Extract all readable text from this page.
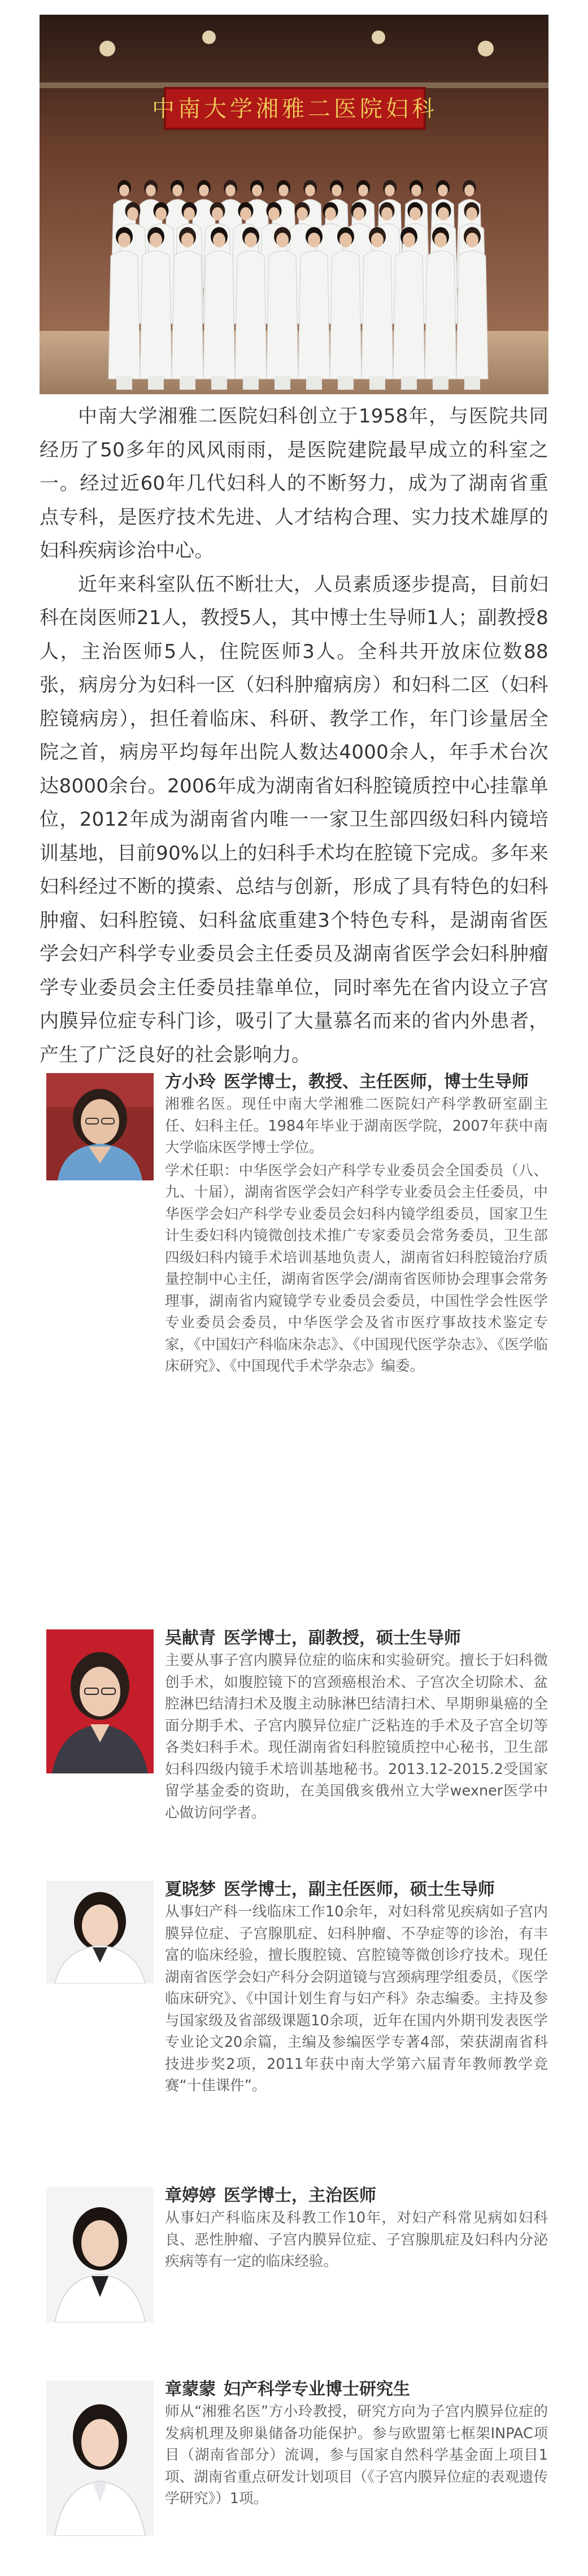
中南大学湘雅二医院妇科

中南大学湘雅二医院妇科创立于1958年，与医院共同经历了50多年的风风雨雨，是医院建院最早成立的科室之一。经过近60年几代妇科人的不断努力，成为了湖南省重点专科，是医疗技术先进、人才结构合理、实力技术雄厚的妇科疾病诊治中心。

近年来科室队伍不断壮大，人员素质逐步提高，目前妇科在岗医师21人，教授5人，其中博士生导师1人；副教授8人，主治医师5人，住院医师3人。全科共开放床位数88张，病房分为妇科一区（妇科肿瘤病房）和妇科二区（妇科腔镜病房），担任着临床、科研、教学工作，年门诊量居全院之首，病房平均每年出院人数达4000余人，年手术台次达8000余台。2006年成为湖南省妇科腔镜质控中心挂靠单位，2012年成为湖南省内唯一一家卫生部四级妇科内镜培训基地，目前90%以上的妇科手术均在腔镜下完成。多年来妇科经过不断的摸索、总结与创新，形成了具有特色的妇科肿瘤、妇科腔镜、妇科盆底重建3个特色专科，是湖南省医学会妇产科学专业委员会主任委员及湖南省医学会妇科肿瘤学专业委员会主任委员挂靠单位，同时率先在省内设立子宫内膜异位症专科门诊，吸引了大量慕名而来的省内外患者，产生了广泛良好的社会影响力。

方小玲 医学博士，教授、主任医师，博士生导师

湘雅名医。现任中南大学湘雅二医院妇产科学教研室副主任、妇科主任。1984年毕业于湖南医学院，2007年获中南大学临床医学博士学位。

学术任职：中华医学会妇产科学专业委员会全国委员（八、九、十届），湖南省医学会妇产科学专业委员会主任委员，中华医学会妇产科学专业委员会妇科内镜学组委员，国家卫生计生委妇科内镜微创技术推广专家委员会常务委员，卫生部四级妇科内镜手术培训基地负责人，湖南省妇科腔镜治疗质量控制中心主任，湖南省医学会/湖南省医师协会理事会常务理事，湖南省内窥镜学专业委员会委员，中国性学会性医学专业委员会委员，中华医学会及省市医疗事故技术鉴定专家，《中国妇产科临床杂志》、《中国现代医学杂志》、《医学临床研究》、《中国现代手术学杂志》编委。

吴献青 医学博士，副教授，硕士生导师

主要从事子宫内膜异位症的临床和实验研究。擅长于妇科微创手术，如腹腔镜下的宫颈癌根治术、子宫次全切除术、盆腔淋巴结清扫术及腹主动脉淋巴结清扫术、早期卵巢癌的全面分期手术、子宫内膜异位症广泛粘连的手术及子宫全切等各类妇科手术。现任湖南省妇科腔镜质控中心秘书，卫生部妇科四级内镜手术培训基地秘书。2013.12-2015.2受国家留学基金委的资助，在美国俄亥俄州立大学wexner医学中心做访问学者。

夏晓梦 医学博士，副主任医师，硕士生导师

从事妇产科一线临床工作10余年，对妇科常见疾病如子宫内膜异位症、子宫腺肌症、妇科肿瘤、不孕症等的诊治，有丰富的临床经验，擅长腹腔镜、宫腔镜等微创诊疗技术。现任湖南省医学会妇产科分会阴道镜与宫颈病理学组委员，《医学临床研究》、《中国计划生育与妇产科》杂志编委。主持及参与国家级及省部级课题10余项，近年在国内外期刊发表医学专业论文20余篇，主编及参编医学专著4部，荣获湖南省科技进步奖2项，2011年获中南大学第六届青年教师教学竞赛“十佳课件”。

章婷婷 医学博士，主治医师

从事妇产科临床及科教工作10年，对妇产科常见病如妇科良、恶性肿瘤、子宫内膜异位症、子宫腺肌症及妇科内分泌疾病等有一定的临床经验。

章蒙蒙 妇产科学专业博士研究生

师从“湘雅名医”方小玲教授，研究方向为子宫内膜异位症的发病机理及卵巢储备功能保护。参与欧盟第七框架INPAC项目（湖南省部分）流调，参与国家自然科学基金面上项目1项、湖南省重点研发计划项目（《子宫内膜异位症的表观遗传学研究》）1项。
